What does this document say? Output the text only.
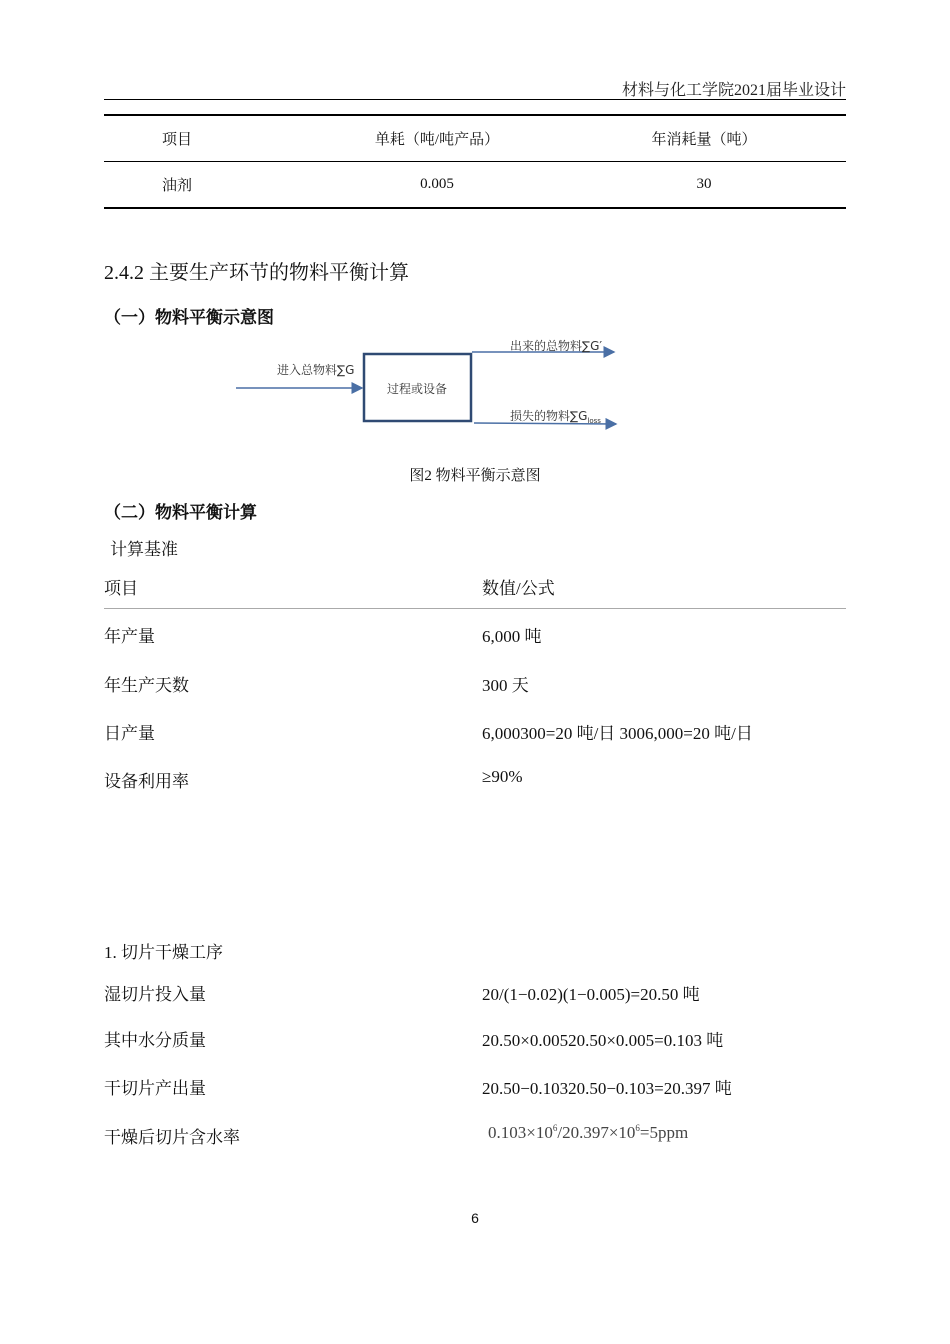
材料与化工学院2021届毕业设计
项目	单耗（吨/吨产品）	年消耗量（吨）
油剂	0.005	30
2.4.2 主要生产环节的物料平衡计算
（一）物料平衡示意图
进入总物料∑G
过程或设备
出来的总物料∑G′
损失的物料$\sum G_{loss}$
图2 物料平衡示意图
（二）物料平衡计算
计算基准
项目	数值/公式
年产量	6,000 吨
年生产天数	300 天
日产量	6,000300=20 吨/日 3006,000=20 吨/日
设备利用率	≥90%
1. 切片干燥工序
湿切片投入量	20/(1−0.02)(1−0.005)=20.50 吨
其中水分质量	20.50×0.00520.50×0.005=0.103 吨
干切片产出量	20.50−0.10320.50−0.103=20.397 吨
干燥后切片含水率	$0.103\times 10^6/20.397\times 10^6=5ppm$
6
